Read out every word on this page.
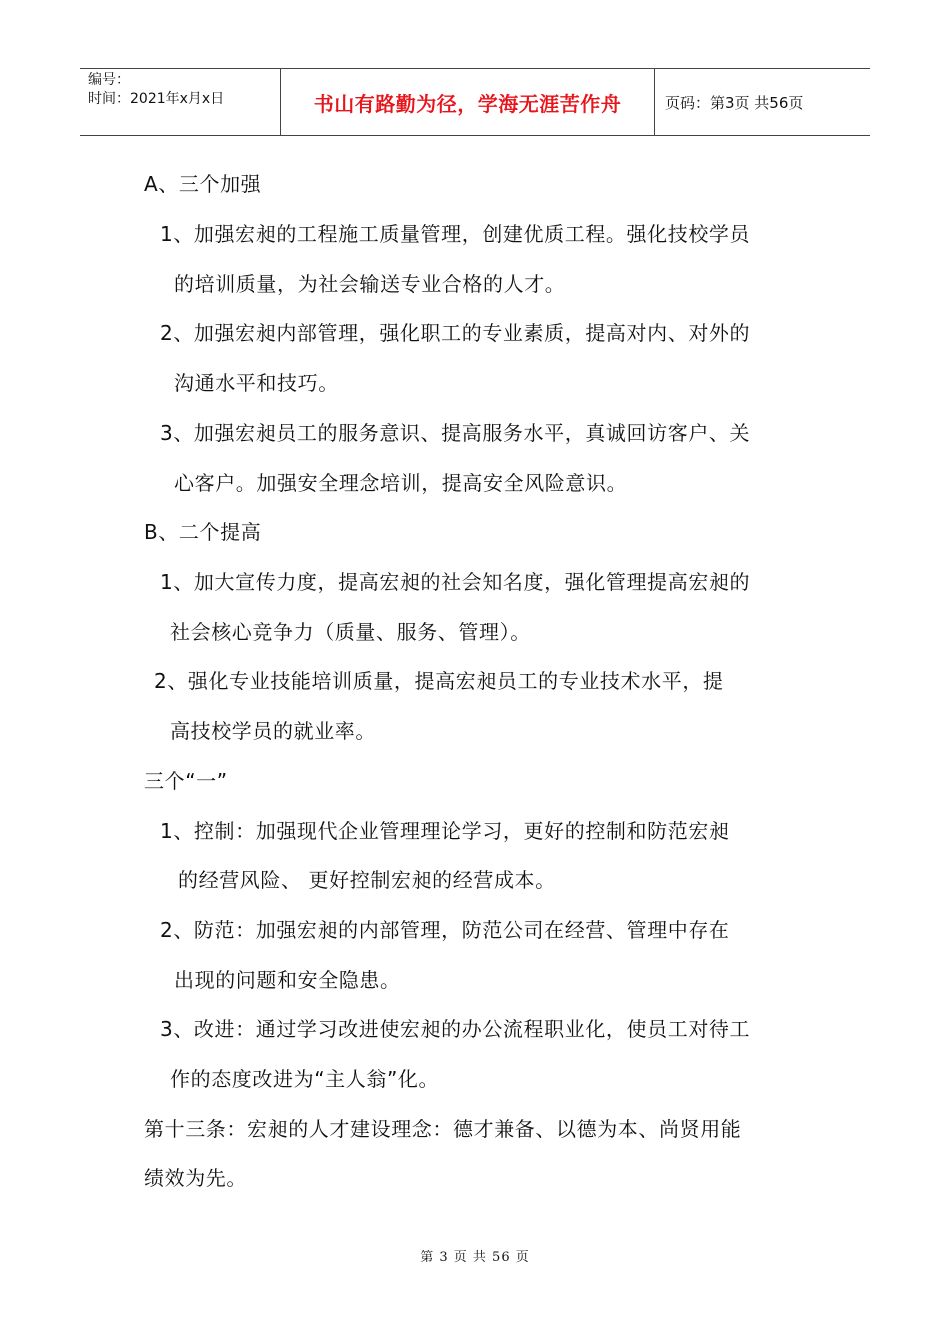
编号：
时间：2021年x月x日	书山有路勤为径，学海无涯苦作舟	页码：第3页 共56页
A、三个加强
1、加强宏昶的工程施工质量管理，创建优质工程。强化技校学员
的培训质量，为社会输送专业合格的人才。
2、加强宏昶内部管理，强化职工的专业素质，提高对内、对外的
沟通水平和技巧。
3、加强宏昶员工的服务意识、提高服务水平，真诚回访客户、关
心客户。加强安全理念培训，提高安全风险意识。
B、二个提高
1、加大宣传力度，提高宏昶的社会知名度，强化管理提高宏昶的
社会核心竞争力（质量、服务、管理）。
2、强化专业技能培训质量，提高宏昶员工的专业技术水平，提
高技校学员的就业率。
三个“一”
1、控制：加强现代企业管理理论学习，更好的控制和防范宏昶
的经营风险、 更好控制宏昶的经营成本。
2、防范：加强宏昶的内部管理，防范公司在经营、管理中存在
出现的问题和安全隐患。
3、改进：通过学习改进使宏昶的办公流程职业化，使员工对待工
作的态度改进为“主人翁”化。
第十三条：宏昶的人才建设理念：德才兼备、以德为本、尚贤用能
绩效为先。
第 3 页 共 56 页
